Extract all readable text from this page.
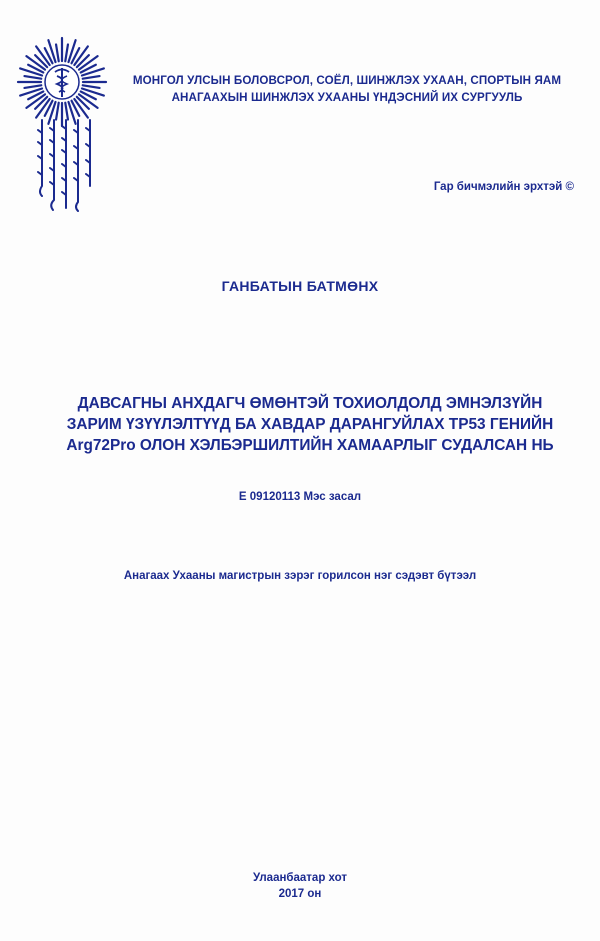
МОНГОЛ УЛСЫН БОЛОВСРОЛ, СОЁЛ, ШИНЖЛЭХ УХААН, СПОРТЫН ЯАМ
АНАГААХЫН ШИНЖЛЭХ УХААНЫ ҮНДЭСНИЙ ИХ СУРГУУЛЬ
Гар бичмэлийн эрхтэй ©
ГАНБАТЫН БАТМӨНХ
ДАВСАГНЫ АНХДАГЧ ӨМӨНТЭЙ ТОХИОЛДОЛД ЭМНЭЛЗҮЙН
ЗАРИМ ҮЗҮҮЛЭЛТҮҮД БА ХАВДАР ДАРАНГУЙЛАХ TP53 ГЕНИЙН
Arg72Pro ОЛОН ХЭЛБЭРШИЛТИЙН ХАМААРЛЫГ СУДАЛСАН НЬ
Е 09120113 Мэс засал
Анагаах Ухааны магистрын зэрэг горилсон нэг сэдэвт бүтээл
Улаанбаатар хот
2017 он
